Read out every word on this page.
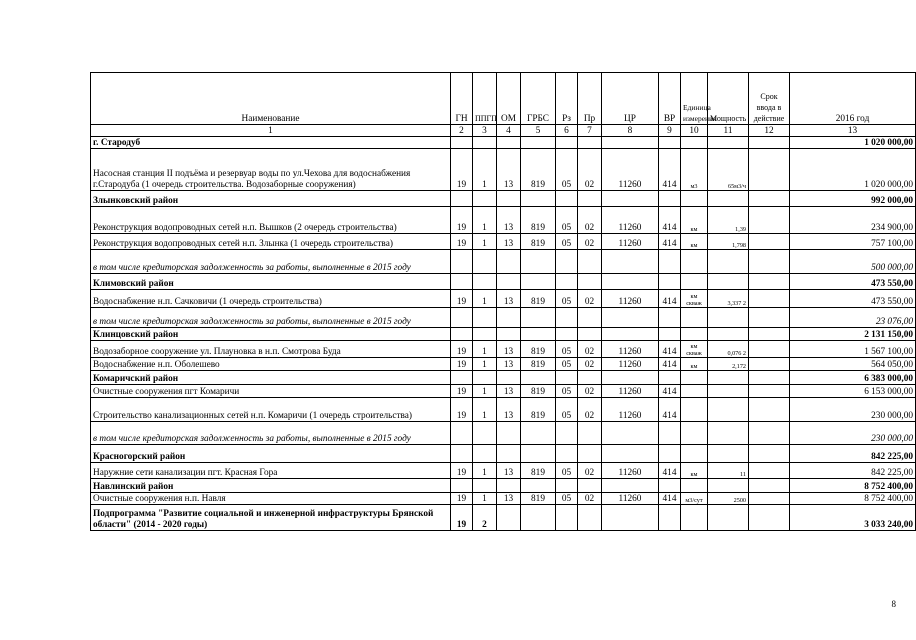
Наименование	ГН	ППГП	ОМ	ГРБС	Рз	Пр	ЦР	ВР	Единица измерения	Мощность	Срок ввода в действие	2016 год
1	2	3	4	5	6	7	8	9	10	11	12	13
г. Стародуб												1 020 000,00
Насосная станция II подъёма и резервуар воды по ул.Чехова для водоснабжения г.Стародуба (1 очередь строительства. Водозаборные сооружения)	19	1	13	819	05	02	11260	414	м3	65м3/ч		1 020 000,00
Злынковский район												992 000,00
Реконструкция водопроводных сетей н.п. Вышков (2 очередь строительства)	19	1	13	819	05	02	11260	414	км	1,39		234 900,00
Реконструкция водопроводных сетей н.п. Злынка (1 очередь строительства)	19	1	13	819	05	02	11260	414	км	1,798		757 100,00
в том числе кредиторская задолженность за работы, выполненные в 2015 году												500 000,00
Климовский район												473 550,00
Водоснабжение н.п. Сачковичи (1 очередь строительства)	19	1	13	819	05	02	11260	414	км скваж	3,337 2		473 550,00
в том числе кредиторская задолженность за работы, выполненные в 2015 году												23 076,00
Клинцовский район												2 131 150,00
Водозаборное сооружение ул. Плауновка в н.п. Смотрова Буда	19	1	13	819	05	02	11260	414	км скваж	0,076 2		1 567 100,00
Водоснабжение н.п. Оболешево	19	1	13	819	05	02	11260	414	км	2,172		564 050,00
Комаричский район												6 383 000,00
Очистные сооружения пгт Комаричи	19	1	13	819	05	02	11260	414				6 153 000,00
Строительство канализационных сетей н.п. Комаричи (1 очередь строительства)	19	1	13	819	05	02	11260	414				230 000,00
в том числе кредиторская задолженность за работы, выполненные в 2015 году												230 000,00
Красногорский район												842 225,00
Наружние сети канализации пгт. Красная Гора	19	1	13	819	05	02	11260	414	км	11		842 225,00
Навлинский район												8 752 400,00
Очистные сооружения н.п. Навля	19	1	13	819	05	02	11260	414	м3/сут	2500		8 752 400,00
Подпрограмма "Развитие социальной и инженерной инфраструктуры Брянской области" (2014 - 2020 годы)	19	2										3 033 240,00
8
